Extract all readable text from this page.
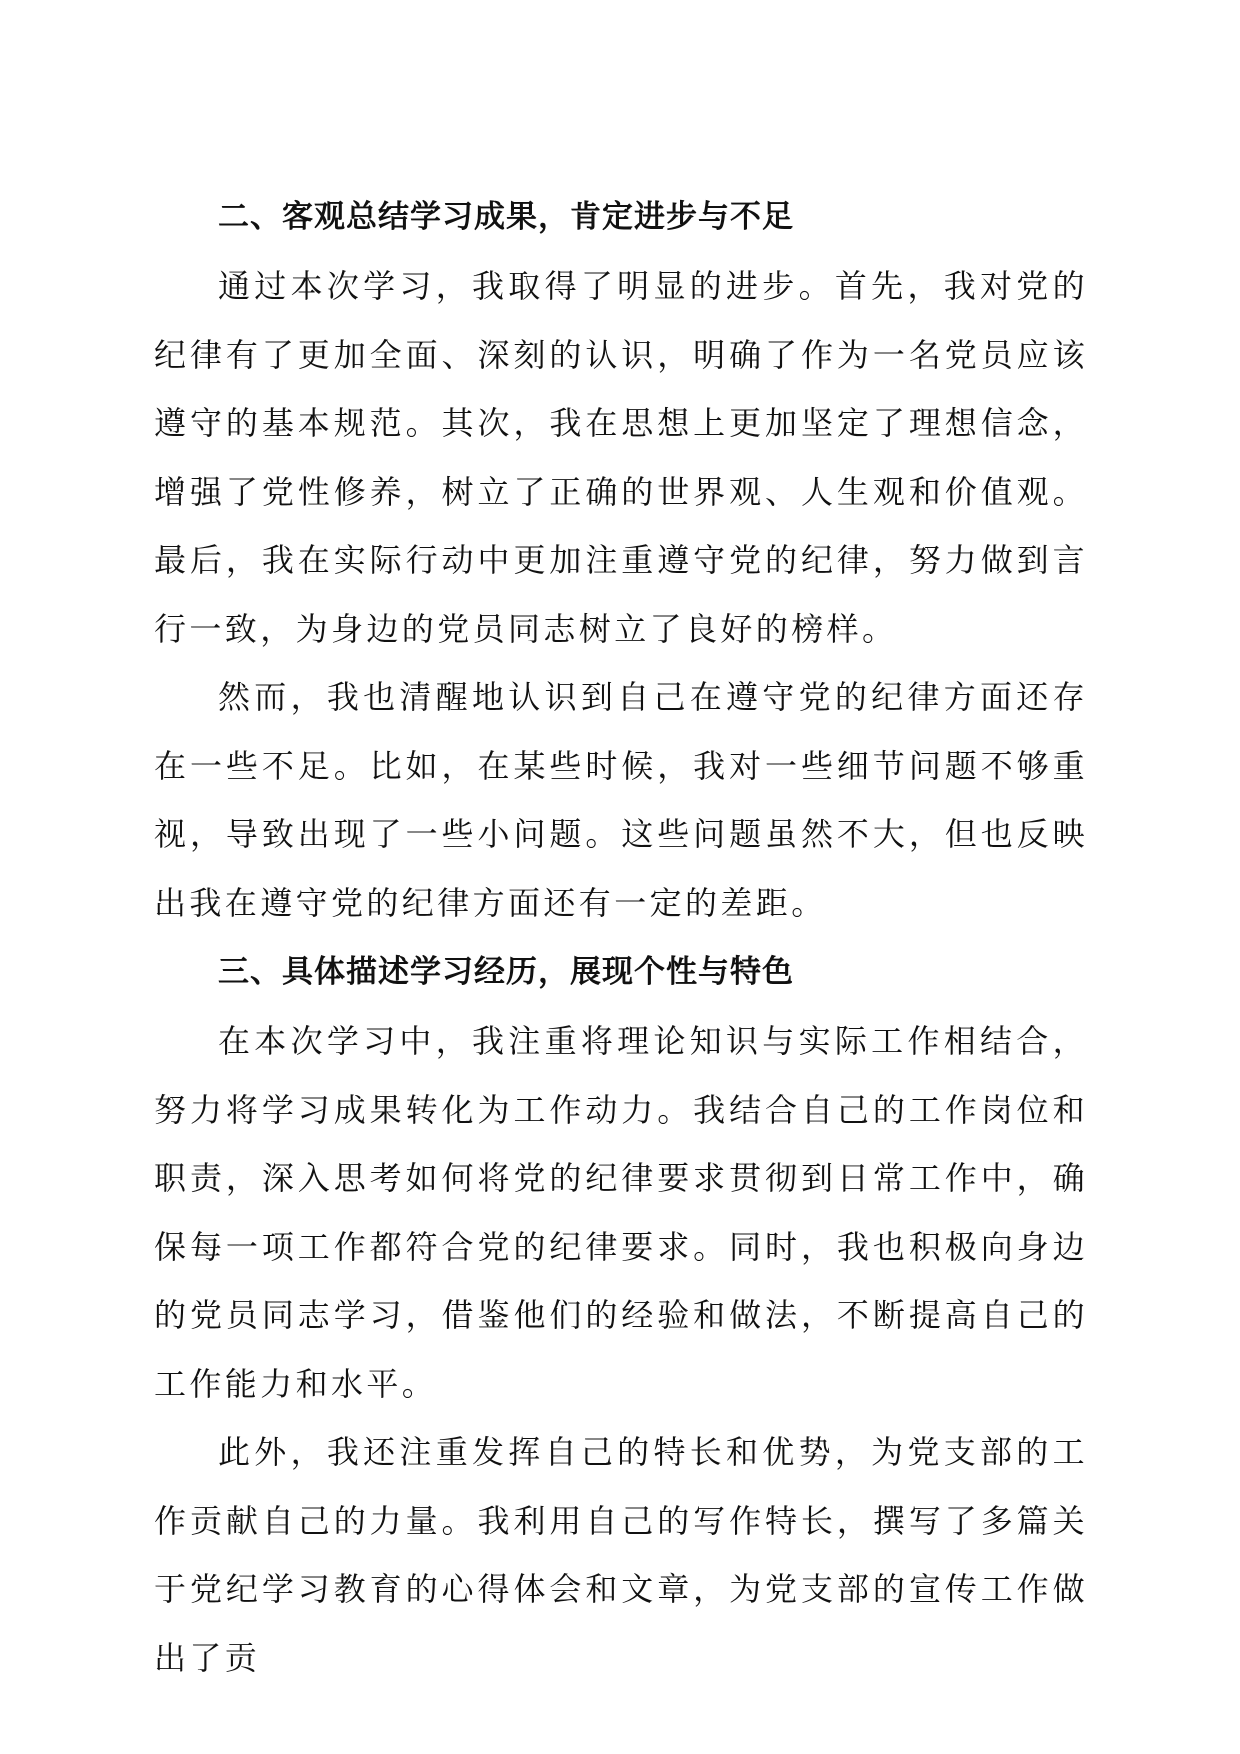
二、客观总结学习成果，肯定进步与不足

通过本次学习，我取得了明显的进步。首先，我对党的纪律有了更加全面、深刻的认识，明确了作为一名党员应该遵守的基本规范。其次，我在思想上更加坚定了理想信念，增强了党性修养，树立了正确的世界观、人生观和价值观。最后，我在实际行动中更加注重遵守党的纪律，努力做到言行一致，为身边的党员同志树立了良好的榜样。

然而，我也清醒地认识到自己在遵守党的纪律方面还存在一些不足。比如，在某些时候，我对一些细节问题不够重视，导致出现了一些小问题。这些问题虽然不大，但也反映出我在遵守党的纪律方面还有一定的差距。

三、具体描述学习经历，展现个性与特色

在本次学习中，我注重将理论知识与实际工作相结合，努力将学习成果转化为工作动力。我结合自己的工作岗位和职责，深入思考如何将党的纪律要求贯彻到日常工作中，确保每一项工作都符合党的纪律要求。同时，我也积极向身边的党员同志学习，借鉴他们的经验和做法，不断提高自己的工作能力和水平。

此外，我还注重发挥自己的特长和优势，为党支部的工作贡献自己的力量。我利用自己的写作特长，撰写了多篇关于党纪学习教育的心得体会和文章，为党支部的宣传工作做出了贡
